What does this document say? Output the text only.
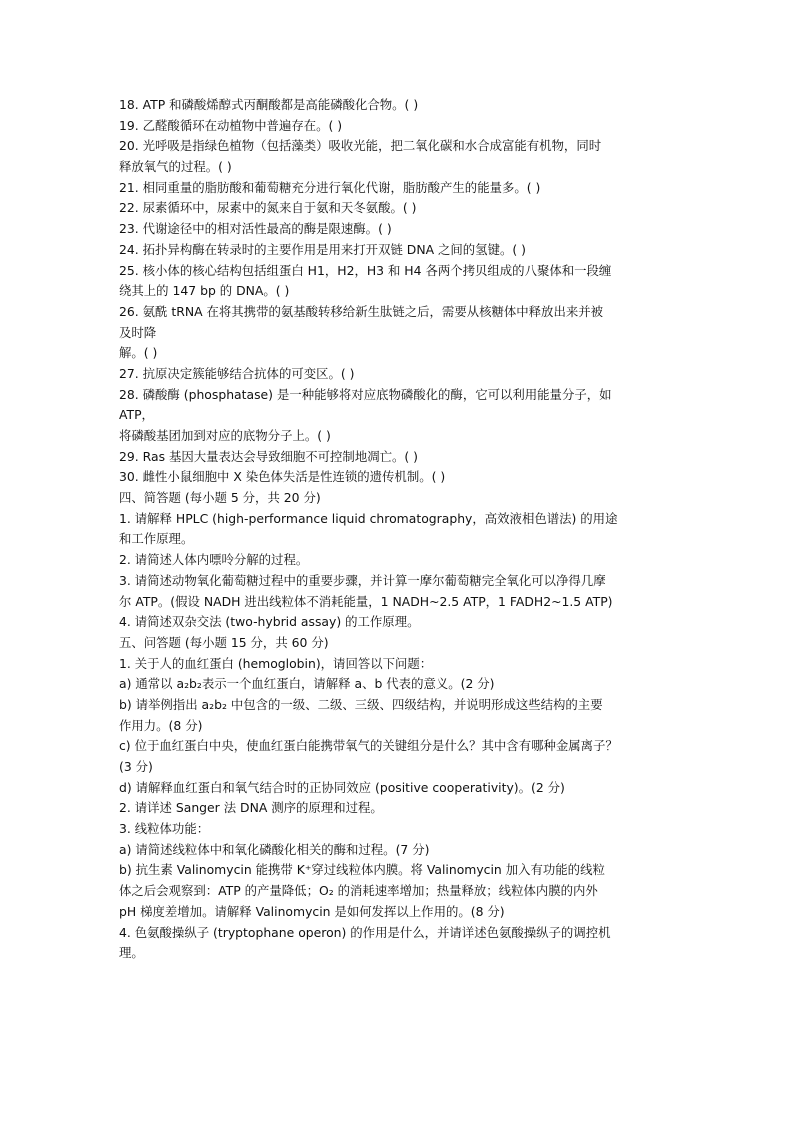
18. ATP 和磷酸烯醇式丙酮酸都是高能磷酸化合物。( )
19. 乙醛酸循环在动植物中普遍存在。( )
20. 光呼吸是指绿色植物（包括藻类）吸收光能，把二氧化碳和水合成富能有机物，同时
释放氧气的过程。( )
21. 相同重量的脂肪酸和葡萄糖充分进行氧化代谢，脂肪酸产生的能量多。( )
22. 尿素循环中，尿素中的氮来自于氨和天冬氨酸。( )
23. 代谢途径中的相对活性最高的酶是限速酶。( )
24. 拓扑异构酶在转录时的主要作用是用来打开双链 DNA 之间的氢键。( )
25. 核小体的核心结构包括组蛋白 H1，H2，H3 和 H4 各两个拷贝组成的八聚体和一段缠
绕其上的 147 bp 的 DNA。( )
26. 氨酰 tRNA 在将其携带的氨基酸转移给新生肽链之后，需要从核糖体中释放出来并被
及时降
解。( )
27. 抗原决定簇能够结合抗体的可变区。( )
28. 磷酸酶 (phosphatase) 是一种能够将对应底物磷酸化的酶，它可以利用能量分子，如
ATP，
将磷酸基团加到对应的底物分子上。( )
29. Ras 基因大量表达会导致细胞不可控制地凋亡。( )
30. 雌性小鼠细胞中 X 染色体失活是性连锁的遗传机制。( )
四、简答题 (每小题 5 分，共 20 分)
1. 请解释 HPLC (high-performance liquid chromatography，高效液相色谱法) 的用途
和工作原理。
2. 请简述人体内嘌呤分解的过程。
3. 请简述动物氧化葡萄糖过程中的重要步骤，并计算一摩尔葡萄糖完全氧化可以净得几摩
尔 ATP。(假设 NADH 进出线粒体不消耗能量，1 NADH~2.5 ATP，1 FADH2~1.5 ATP)
4. 请简述双杂交法 (two-hybrid assay) 的工作原理。
五、问答题 (每小题 15 分，共 60 分)
1. 关于人的血红蛋白 (hemoglobin)，请回答以下问题：
a) 通常以 a₂b₂表示一个血红蛋白，请解释 a、b 代表的意义。(2 分)
b) 请举例指出 a₂b₂ 中包含的一级、二级、三级、四级结构，并说明形成这些结构的主要
作用力。(8 分)
c) 位于血红蛋白中央，使血红蛋白能携带氧气的关键组分是什么？其中含有哪种金属离子？
(3 分)
d) 请解释血红蛋白和氧气结合时的正协同效应 (positive cooperativity)。(2 分)
2. 请详述 Sanger 法 DNA 测序的原理和过程。
3. 线粒体功能：
a) 请简述线粒体中和氧化磷酸化相关的酶和过程。(7 分)
b) 抗生素 Valinomycin 能携带 K⁺穿过线粒体内膜。将 Valinomycin 加入有功能的线粒
体之后会观察到：ATP 的产量降低；O₂ 的消耗速率增加；热量释放；线粒体内膜的内外
pH 梯度差增加。请解释 Valinomycin 是如何发挥以上作用的。(8 分)
4. 色氨酸操纵子 (tryptophane operon) 的作用是什么，并请详述色氨酸操纵子的调控机
理。
